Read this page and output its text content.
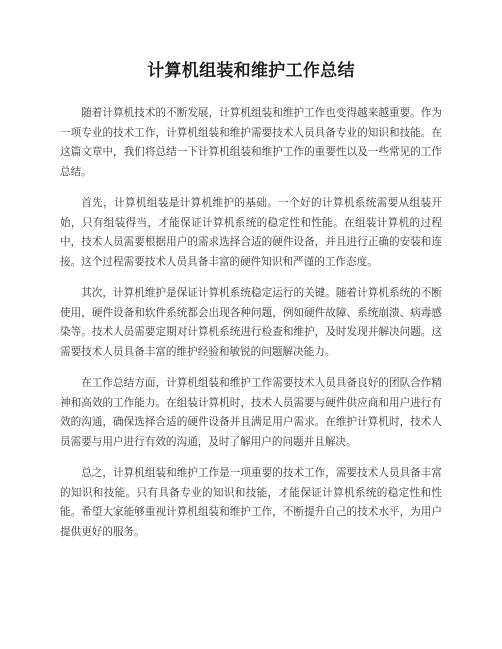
计算机组装和维护工作总结

随着计算机技术的不断发展，计算机组装和维护工作也变得越来越重要。作为一项专业的技术工作，计算机组装和维护需要技术人员具备专业的知识和技能。在这篇文章中，我们将总结一下计算机组装和维护工作的重要性以及一些常见的工作总结。

首先，计算机组装是计算机维护的基础。一个好的计算机系统需要从组装开始，只有组装得当，才能保证计算机系统的稳定性和性能。在组装计算机的过程中，技术人员需要根据用户的需求选择合适的硬件设备，并且进行正确的安装和连接。这个过程需要技术人员具备丰富的硬件知识和严谨的工作态度。

其次，计算机维护是保证计算机系统稳定运行的关键。随着计算机系统的不断使用，硬件设备和软件系统都会出现各种问题，例如硬件故障、系统崩溃、病毒感染等。技术人员需要定期对计算机系统进行检查和维护，及时发现并解决问题。这需要技术人员具备丰富的维护经验和敏锐的问题解决能力。

在工作总结方面，计算机组装和维护工作需要技术人员具备良好的团队合作精神和高效的工作能力。在组装计算机时，技术人员需要与硬件供应商和用户进行有效的沟通，确保选择合适的硬件设备并且满足用户需求。在维护计算机时，技术人员需要与用户进行有效的沟通，及时了解用户的问题并且解决。

总之，计算机组装和维护工作是一项重要的技术工作，需要技术人员具备丰富的知识和技能。只有具备专业的知识和技能，才能保证计算机系统的稳定性和性能。希望大家能够重视计算机组装和维护工作，不断提升自己的技术水平，为用户提供更好的服务。
